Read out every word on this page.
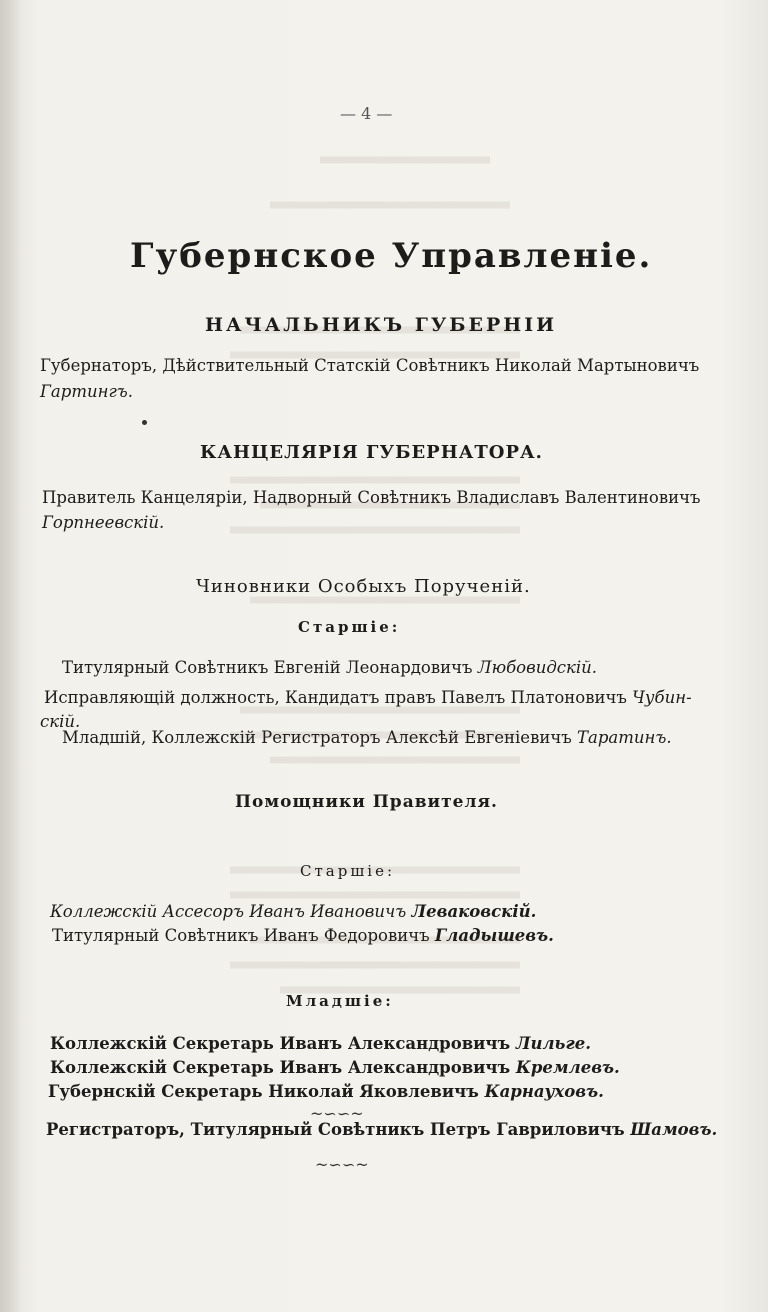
— 4 —
Губернское Управленіе.
НАЧАЛЬНИКЪ ГУБЕРНІИ
Губернаторъ, Дѣйствительный Статскій Совѣтникъ Николай Мартыновичъ
Гартингъ.
КАНЦЕЛЯРІЯ ГУБЕРНАТОРА.
Правитель Канцеляріи, Надворный Совѣтникъ Владиславъ Валентиновичъ
Горпнеевскій.
Чиновники Особыхъ Порученій.
Старшіе:
Титулярный Совѣтникъ Евгеній Леонардовичъ Любовидскій.
Исправляющій должность, Кандидатъ правъ Павелъ Платоновичъ Чубин-
скій.
Младшій, Коллежскій Регистраторъ Алексѣй Евгеніевичъ Таратинъ.
Помощники Правителя.
Старшіе:
Коллежскій Ассесоръ Иванъ Ивановичъ Леваковскій.
Титулярный Совѣтникъ Иванъ Федоровичъ Гладышевъ.
Младшіе:
Коллежскій Секретарь Иванъ Александровичъ Лильге.
Коллежскій Секретарь Иванъ Александровичъ Кремлевъ.
Губернскій Секретарь Николай Яковлевичъ Карнауховъ.
~∽∽~
Регистраторъ, Титулярный Совѣтникъ Петръ Гавриловичъ Шамовъ.
~∽∽~
